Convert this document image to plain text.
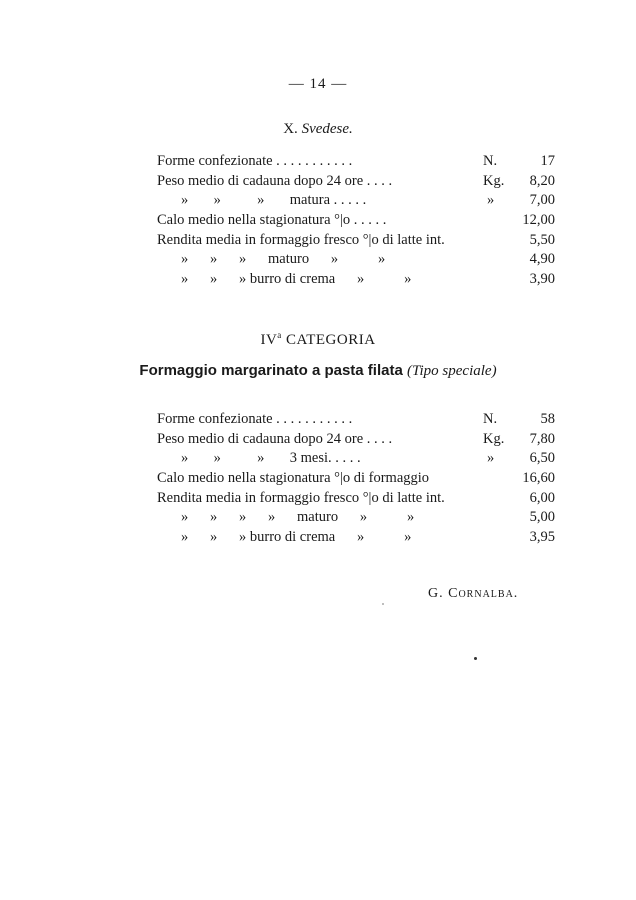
— 14 —
X. Svedese.
Forme confezionate . . . . . . . . . . .	N.	17
Peso medio di cadauna dopo 24 ore . . . .	Kg. 8,20
»       »          »       matura . . . . .	» 7,00
Calo medio nella stagionatura °|o . . . . .	12,00
Rendita media in formaggio fresco °|o di latte int.	5,50
»      »      »      maturo      »           »	4,90
»      »      » burro di crema      »           »	3,90
$IV^a$ CATEGORIA
Formaggio margarinato a pasta filata (Tipo speciale)
Forme confezionate . . . . . . . . . . .	N.	58
Peso medio di cadauna dopo 24 ore . . . .	Kg. 7,80
»       »          »       3 mesi. . . . .	» 6,50
Calo medio nella stagionatura °|o di formaggio	16,60
Rendita media in formaggio fresco °|o di latte int.	6,00
»      »      »      »      maturo      »           »	5,00
»      »      » burro di crema      »           »	3,95
G. Cornalba.
